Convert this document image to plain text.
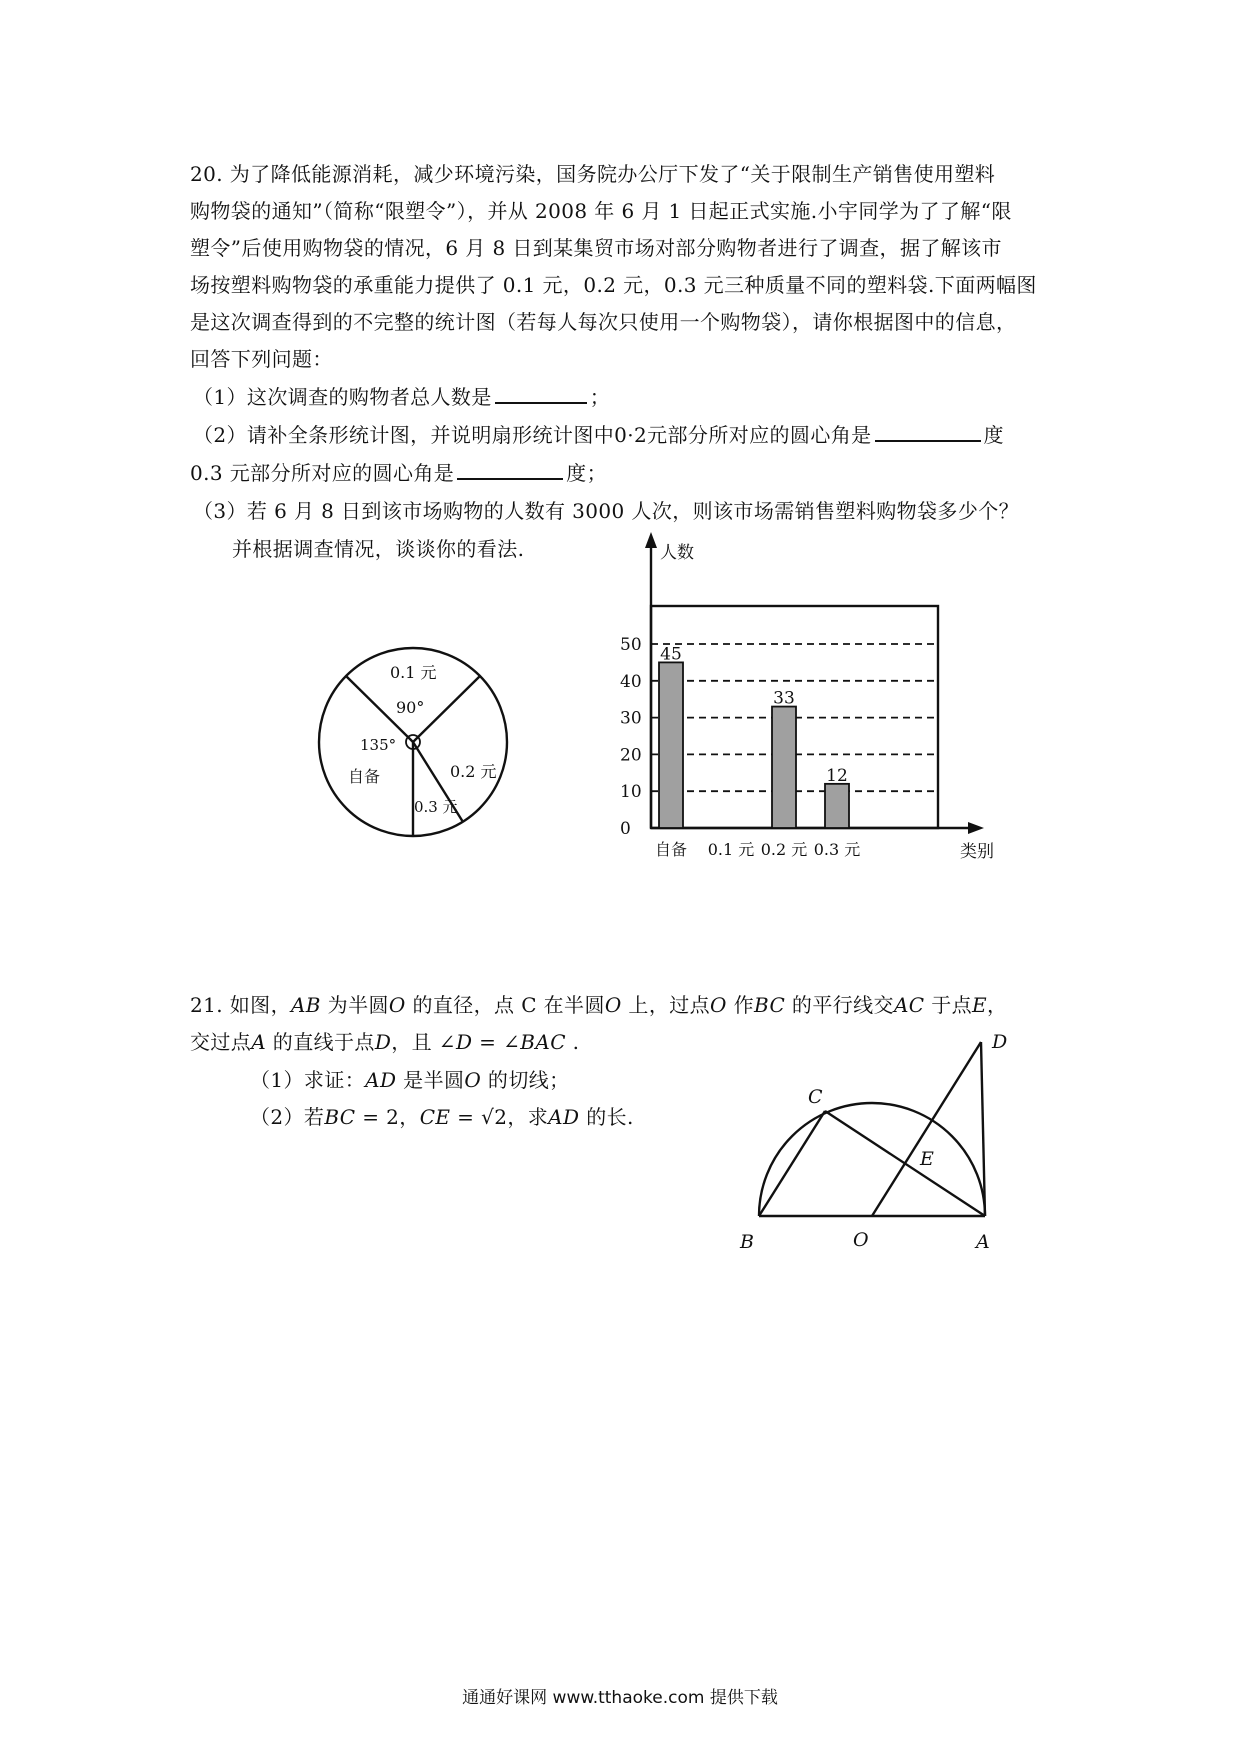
20. 为了降低能源消耗，减少环境污染，国务院办公厅下发了“关于限制生产销售使用塑料
购物袋的通知”（简称“限塑令”），并从 2008 年 6 月 1 日起正式实施.小宇同学为了了解“限
塑令”后使用购物袋的情况，6 月 8 日到某集贸市场对部分购物者进行了调查，据了解该市
场按塑料购物袋的承重能力提供了 0.1 元，0.2 元，0.3 元三种质量不同的塑料袋.下面两幅图
是这次调查得到的不完整的统计图（若每人每次只使用一个购物袋），请你根据图中的信息，
回答下列问题：
（1）这次调查的购物者总人数是	；
（2）请补全条形统计图，并说明扇形统计图中0·2元部分所对应的圆心角是	度
0.3 元部分所对应的圆心角是	度；
（3）若 6 月 8 日到该市场购物的人数有 3000 人次，则该市场需销售塑料购物袋多少个？
并根据调查情况，谈谈你的看法.
0.1 元
90°
135°
自备	0.2 元
0.3 元
人数
类别
0
10
20
30
40
50 45
自备 0.1 元
33
0.2 元
12
0.3 元
21. 如图，AB 为半圆O 的直径，点 C 在半圆O 上，过点O 作BC 的平行线交AC 于点E，
交过点A 的直线于点D，且 ∠D = ∠BAC .
（1）求证：AD 是半圆O 的切线；
（2）若BC = 2，CE = √2，求AD 的长.
C
D
E
B	O	A
通通好课网 www.tthaoke.com 提供下载
